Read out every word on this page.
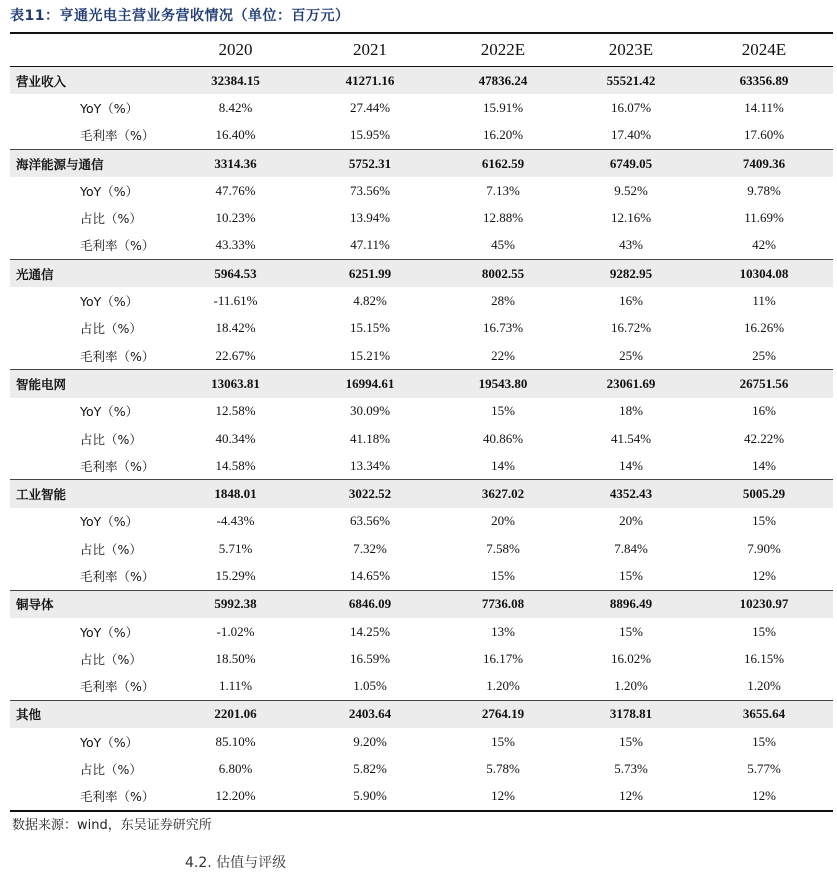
表11：亨通光电主营业务营收情况（单位：百万元）
	2020	2021	2022E	2023E	2024E
营业收入	32384.15	41271.16	47836.24	55521.42	63356.89
YoY（%）	8.42%	27.44%	15.91%	16.07%	14.11%
毛利率（%）	16.40%	15.95%	16.20%	17.40%	17.60%
海洋能源与通信	3314.36	5752.31	6162.59	6749.05	7409.36
YoY（%）	47.76%	73.56%	7.13%	9.52%	9.78%
占比（%）	10.23%	13.94%	12.88%	12.16%	11.69%
毛利率（%）	43.33%	47.11%	45%	43%	42%
光通信	5964.53	6251.99	8002.55	9282.95	10304.08
YoY（%）	-11.61%	4.82%	28%	16%	11%
占比（%）	18.42%	15.15%	16.73%	16.72%	16.26%
毛利率（%）	22.67%	15.21%	22%	25%	25%
智能电网	13063.81	16994.61	19543.80	23061.69	26751.56
YoY（%）	12.58%	30.09%	15%	18%	16%
占比（%）	40.34%	41.18%	40.86%	41.54%	42.22%
毛利率（%）	14.58%	13.34%	14%	14%	14%
工业智能	1848.01	3022.52	3627.02	4352.43	5005.29
YoY（%）	-4.43%	63.56%	20%	20%	15%
占比（%）	5.71%	7.32%	7.58%	7.84%	7.90%
毛利率（%）	15.29%	14.65%	15%	15%	12%
铜导体	5992.38	6846.09	7736.08	8896.49	10230.97
YoY（%）	-1.02%	14.25%	13%	15%	15%
占比（%）	18.50%	16.59%	16.17%	16.02%	16.15%
毛利率（%）	1.11%	1.05%	1.20%	1.20%	1.20%
其他	2201.06	2403.64	2764.19	3178.81	3655.64
YoY（%）	85.10%	9.20%	15%	15%	15%
占比（%）	6.80%	5.82%	5.78%	5.73%	5.77%
毛利率（%）	12.20%	5.90%	12%	12%	12%
数据来源：wind，东吴证券研究所
4.2. 估值与评级
